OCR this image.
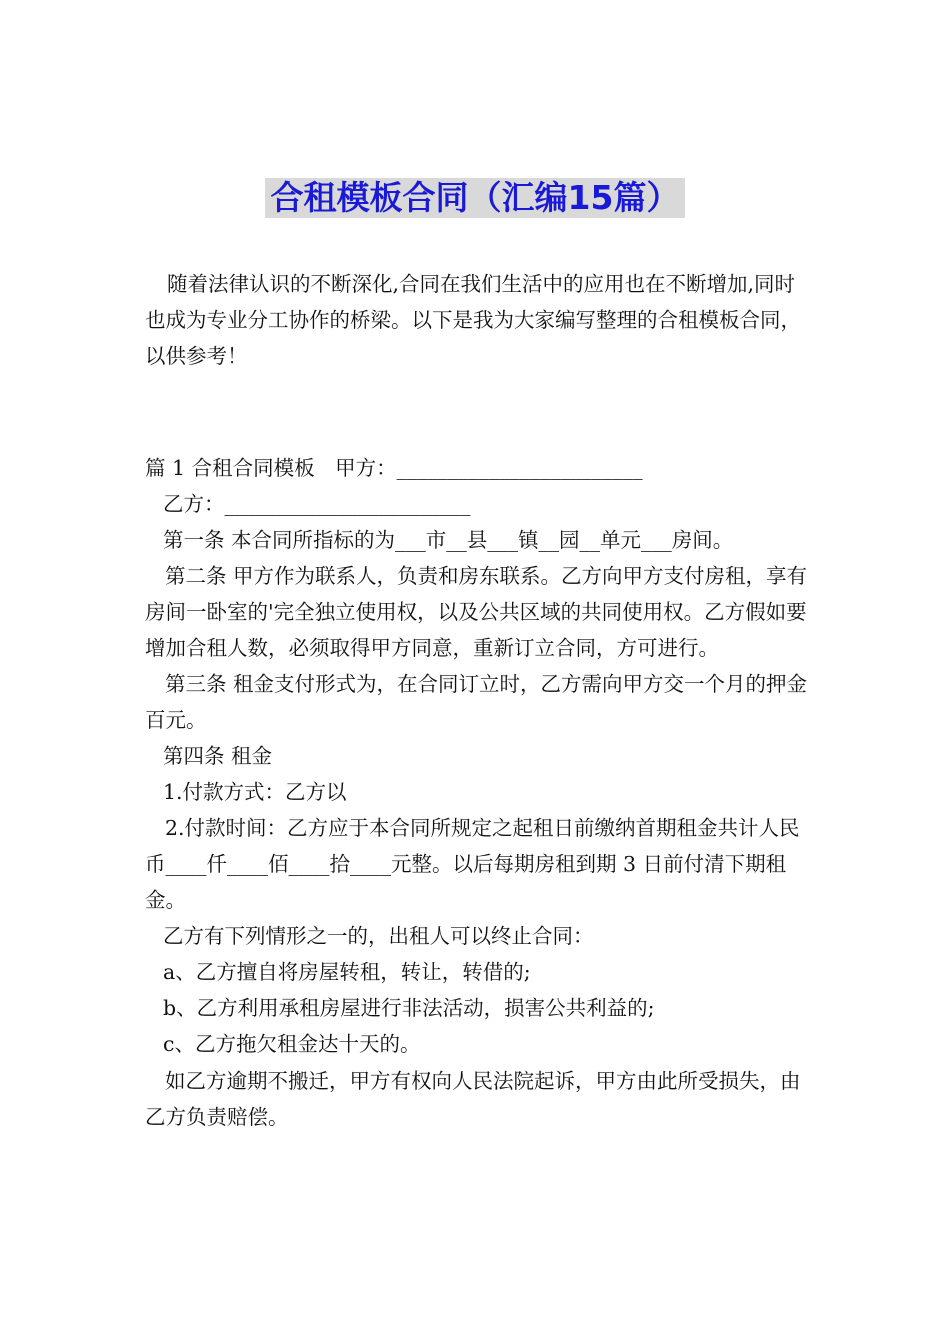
合租模板合同（汇编15篇）

随着法律认识的不断深化,合同在我们生活中的应用也在不断增加,同时也成为专业分工协作的桥梁。以下是我为大家编写整理的合租模板合同，以供参考！

篇 1 合租合同模板　甲方：________________________

乙方：________________________

第一条 本合同所指标的为___市__县___镇__园__单元___房间。

第二条 甲方作为联系人，负责和房东联系。乙方向甲方支付房租，享有房间一卧室的'完全独立使用权，以及公共区域的共同使用权。乙方假如要增加合租人数，必须取得甲方同意，重新订立合同，方可进行。

第三条 租金支付形式为，在合同订立时，乙方需向甲方交一个月的押金 百元。

第四条 租金

1.付款方式：乙方以

2.付款时间：乙方应于本合同所规定之起租日前缴纳首期租金共计人民币____仟____佰____拾____元整。以后每期房租到期 3 日前付清下期租金。

乙方有下列情形之一的，出租人可以终止合同：

a、乙方擅自将房屋转租，转让，转借的;

b、乙方利用承租房屋进行非法活动，损害公共利益的;

c、乙方拖欠租金达十天的。

如乙方逾期不搬迁，甲方有权向人民法院起诉，甲方由此所受损失，由乙方负责赔偿。
